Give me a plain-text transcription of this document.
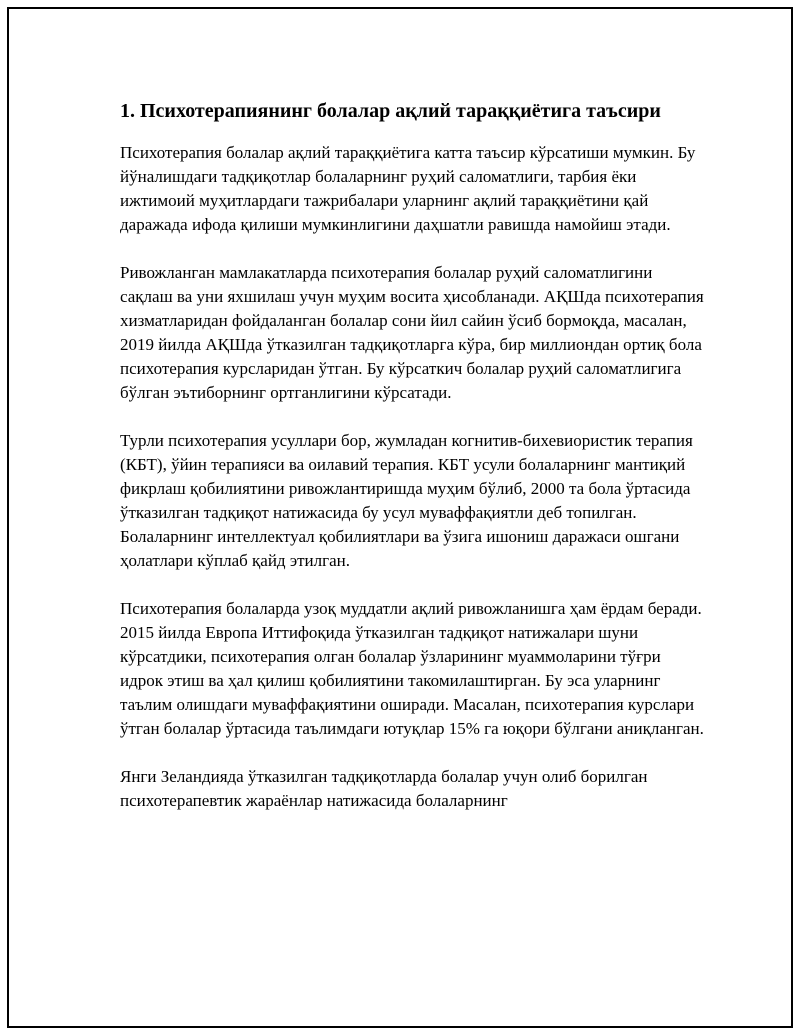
1. Психотерапиянинг болалар ақлий тараққиётига таъсири

Психотерапия болалар ақлий тараққиётига катта таъсир кўрсатиши мумкин. Бу йўналишдаги тадқиқотлар болаларнинг руҳий саломатлиги, тарбия ёки ижтимоий муҳитлардаги тажрибалари уларнинг ақлий тараққиётини қай даражада ифода қилиши мумкинлигини даҳшатли равишда намойиш этади.

Ривожланган мамлакатларда психотерапия болалар руҳий саломатлигини сақлаш ва уни яхшилаш учун муҳим восита ҳисобланади. АҚШда психотерапия хизматларидан фойдаланган болалар сони йил сайин ўсиб бормоқда, масалан, 2019 йилда АҚШда ўтказилган тадқиқотларга кўра, бир миллиондан ортиқ бола психотерапия курсларидан ўтган. Бу кўрсаткич болалар руҳий саломатлигига бўлган эътиборнинг ортганлигини кўрсатади.

Турли психотерапия усуллари бор, жумладан когнитив-бихевиористик терапия (КБТ), ўйин терапияси ва оилавий терапия. КБТ усули болаларнинг мантиқий фикрлаш қобилиятини ривожлантиришда муҳим бўлиб, 2000 та бола ўртасида ўтказилган тадқиқот натижасида бу усул муваффақиятли деб топилган. Болаларнинг интеллектуал қобилиятлари ва ўзига ишониш даражаси ошгани ҳолатлари кўплаб қайд этилган.

Психотерапия болаларда узоқ муддатли ақлий ривожланишга ҳам ёрдам беради. 2015 йилда Европа Иттифоқида ўтказилган тадқиқот натижалари шуни кўрсатдики, психотерапия олган болалар ўзларининг муаммоларини тўғри идрок этиш ва ҳал қилиш қобилиятини такомилаштирган. Бу эса уларнинг таълим олишдаги муваффақиятини оширади. Масалан, психотерапия курслари ўтган болалар ўртасида таълимдаги ютуқлар 15% га юқори бўлгани аниқланган.

Янги Зеландияда ўтказилган тадқиқотларда болалар учун олиб борилган психотерапевтик жараёнлар натижасида болаларнинг
